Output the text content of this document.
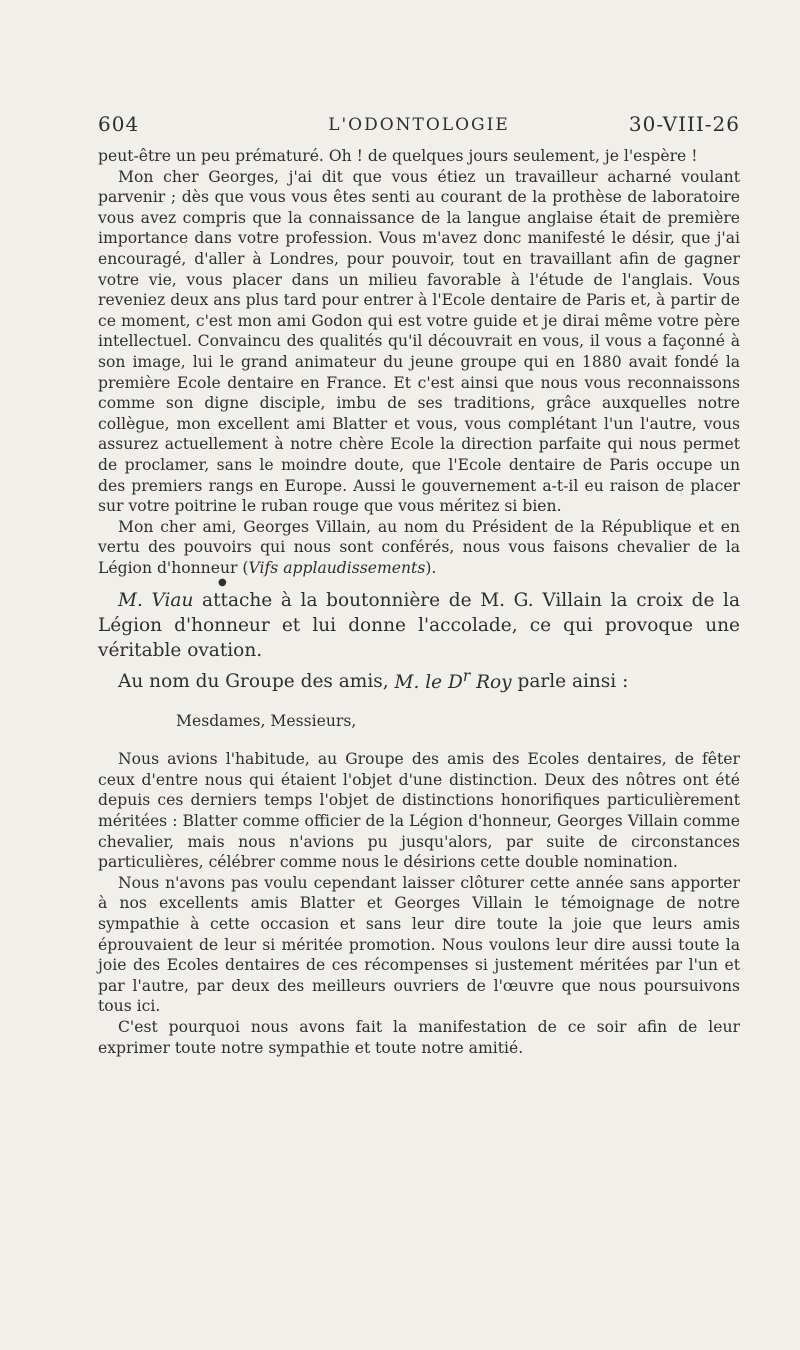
604	L'ODONTOLOGIE	30-VIII-26

peut-être un peu prématuré. Oh ! de quelques jours seulement, je l'espère !

Mon cher Georges, j'ai dit que vous étiez un travailleur acharné voulant parvenir ; dès que vous vous êtes senti au courant de la prothèse de laboratoire vous avez compris que la connaissance de la langue anglaise était de première importance dans votre profession. Vous m'avez donc manifesté le désir, que j'ai encouragé, d'aller à Londres, pour pouvoir, tout en travaillant afin de gagner votre vie, vous placer dans un milieu favorable à l'étude de l'anglais. Vous reveniez deux ans plus tard pour entrer à l'Ecole dentaire de Paris et, à partir de ce moment, c'est mon ami Godon qui est votre guide et je dirai même votre père intellectuel. Convaincu des qualités qu'il découvrait en vous, il vous a façonné à son image, lui le grand animateur du jeune groupe qui en 1880 avait fondé la première Ecole dentaire en France. Et c'est ainsi que nous vous reconnaissons comme son digne disciple, imbu de ses traditions, grâce auxquelles notre collègue, mon excellent ami Blatter et vous, vous complétant l'un l'autre, vous assurez actuellement à notre chère Ecole la direction parfaite qui nous permet de proclamer, sans le moindre doute, que l'Ecole dentaire de Paris occupe un des premiers rangs en Europe. Aussi le gouvernement a-t-il eu raison de placer sur votre poitrine le ruban rouge que vous méritez si bien.

Mon cher ami, Georges Villain, au nom du Président de la République et en vertu des pouvoirs qui nous sont conférés, nous vous faisons chevalier de la Légion d'honneur (Vifs applaudissements).

●

M. Viau attache à la boutonnière de M. G. Villain la croix de la Légion d'honneur et lui donne l'accolade, ce qui provoque une véritable ovation.

Au nom du Groupe des amis, M. le $D^r$ Roy parle ainsi :

Mesdames, Messieurs,

Nous avions l'habitude, au Groupe des amis des Ecoles dentaires, de fêter ceux d'entre nous qui étaient l'objet d'une distinction. Deux des nôtres ont été depuis ces derniers temps l'objet de distinctions honorifiques particulièrement méritées : Blatter comme officier de la Légion d'honneur, Georges Villain comme chevalier, mais nous n'avions pu jusqu'alors, par suite de circonstances particulières, célébrer comme nous le désirions cette double nomination.

Nous n'avons pas voulu cependant laisser clôturer cette année sans apporter à nos excellents amis Blatter et Georges Villain le témoignage de notre sympathie à cette occasion et sans leur dire toute la joie que leurs amis éprouvaient de leur si méritée promotion. Nous voulons leur dire aussi toute la joie des Ecoles dentaires de ces récompenses si justement méritées par l'un et par l'autre, par deux des meilleurs ouvriers de l'œuvre que nous poursuivons tous ici.

C'est pourquoi nous avons fait la manifestation de ce soir afin de leur exprimer toute notre sympathie et toute notre amitié.
